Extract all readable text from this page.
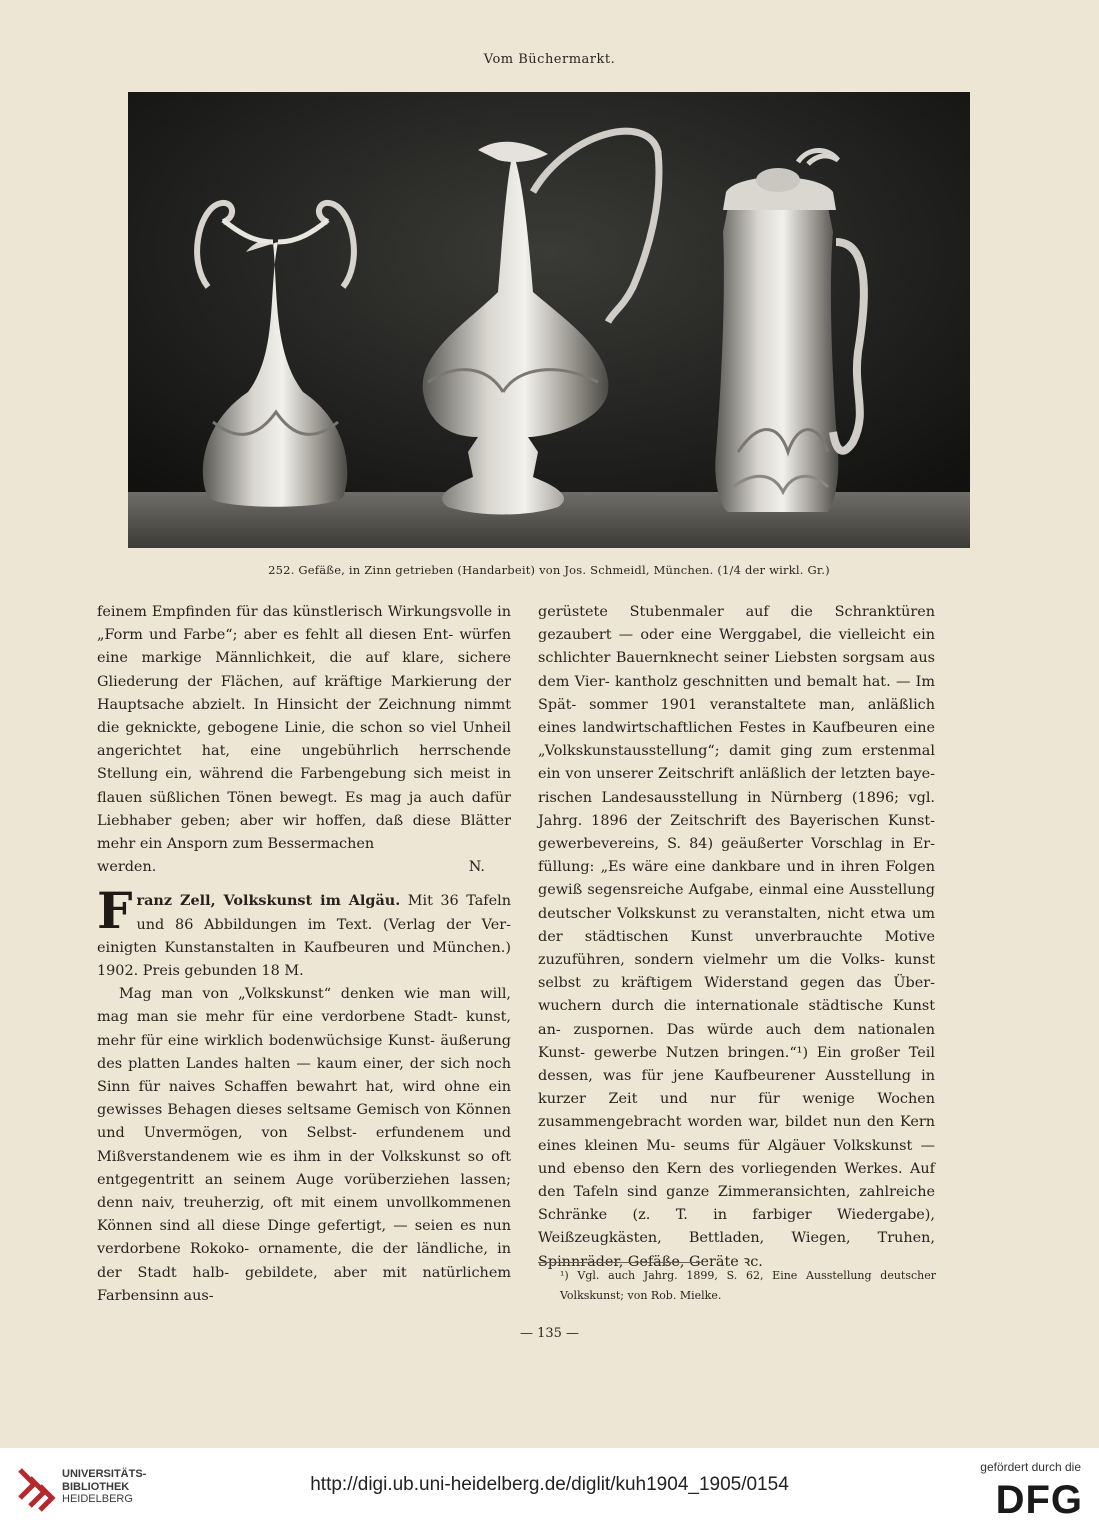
Vom Büchermarkt.
252. Gefäße, in Zinn getrieben (Handarbeit) von Jos. Schmeidl, München. (1/4 der wirkl. Gr.)

feinem Empfinden für das künstlerisch Wirkungsvolle in „Form und Farbe“; aber es fehlt all diesen Ent- würfen eine markige Männlichkeit, die auf klare, sichere Gliederung der Flächen, auf kräftige Markierung der Hauptsache abzielt. In Hinsicht der Zeichnung nimmt die geknickte, gebogene Linie, die schon so viel Unheil angerichtet hat, eine ungebührlich herrschende Stellung ein, während die Farbengebung sich meist in flauen süßlichen Tönen bewegt. Es mag ja auch dafür Liebhaber geben; aber wir hoffen, daß diese Blätter mehr ein Ansporn zum Bessermachen

werden.	N.

F ranz Zell, Volkskunst im Algäu. Mit 36 Tafeln und 86 Abbildungen im Text. (Verlag der Ver- einigten Kunstanstalten in Kaufbeuren und München.) 1902. Preis gebunden 18 M.

Mag man von „Volkskunst“ denken wie man will, mag man sie mehr für eine verdorbene Stadt- kunst, mehr für eine wirklich bodenwüchsige Kunst- äußerung des platten Landes halten — kaum einer, der sich noch Sinn für naives Schaffen bewahrt hat, wird ohne ein gewisses Behagen dieses seltsame Gemisch von Können und Unvermögen, von Selbst- erfundenem und Mißverstandenem wie es ihm in der Volkskunst so oft entgegentritt an seinem Auge vorüberziehen lassen; denn naiv, treuherzig, oft mit einem unvollkommenen Können sind all diese Dinge gefertigt, — seien es nun verdorbene Rokoko- ornamente, die der ländliche, in der Stadt halb- gebildete, aber mit natürlichem Farbensinn aus-

gerüstete Stubenmaler auf die Schranktüren gezaubert — oder eine Werggabel, die vielleicht ein schlichter Bauernknecht seiner Liebsten sorgsam aus dem Vier- kantholz geschnitten und bemalt hat. — Im Spät- sommer 1901 veranstaltete man, anläßlich eines landwirtschaftlichen Festes in Kaufbeuren eine „Volkskunstausstellung“; damit ging zum erstenmal ein von unserer Zeitschrift anläßlich der letzten baye- rischen Landesausstellung in Nürnberg (1896; vgl. Jahrg. 1896 der Zeitschrift des Bayerischen Kunst- gewerbevereins, S. 84) geäußerter Vorschlag in Er- füllung: „Es wäre eine dankbare und in ihren Folgen gewiß segensreiche Aufgabe, einmal eine Ausstellung deutscher Volkskunst zu veranstalten, nicht etwa um der städtischen Kunst unverbrauchte Motive zuzuführen, sondern vielmehr um die Volks- kunst selbst zu kräftigem Widerstand gegen das Über- wuchern durch die internationale städtische Kunst an- zuspornen. Das würde auch dem nationalen Kunst- gewerbe Nutzen bringen.“¹) Ein großer Teil dessen, was für jene Kaufbeurener Ausstellung in kurzer Zeit und nur für wenige Wochen zusammengebracht worden war, bildet nun den Kern eines kleinen Mu- seums für Algäuer Volkskunst — und ebenso den Kern des vorliegenden Werkes. Auf den Tafeln sind ganze Zimmeransichten, zahlreiche Schränke (z. T. in farbiger Wiedergabe), Weißzeugkästen, Bettladen, Wiegen, Truhen, Spinnräder, Gefäße, Geräte ꝛc.

¹) Vgl. auch Jahrg. 1899, S. 62, Eine Ausstellung deutscher Volkskunst; von Rob. Mielke.
— 135 —
UNIVERSITÄTS-
BIBLIOTHEK
HEIDELBERG
http://digi.ub.uni-heidelberg.de/diglit/kuh1904_1905/0154
gefördert durch die
DFG
